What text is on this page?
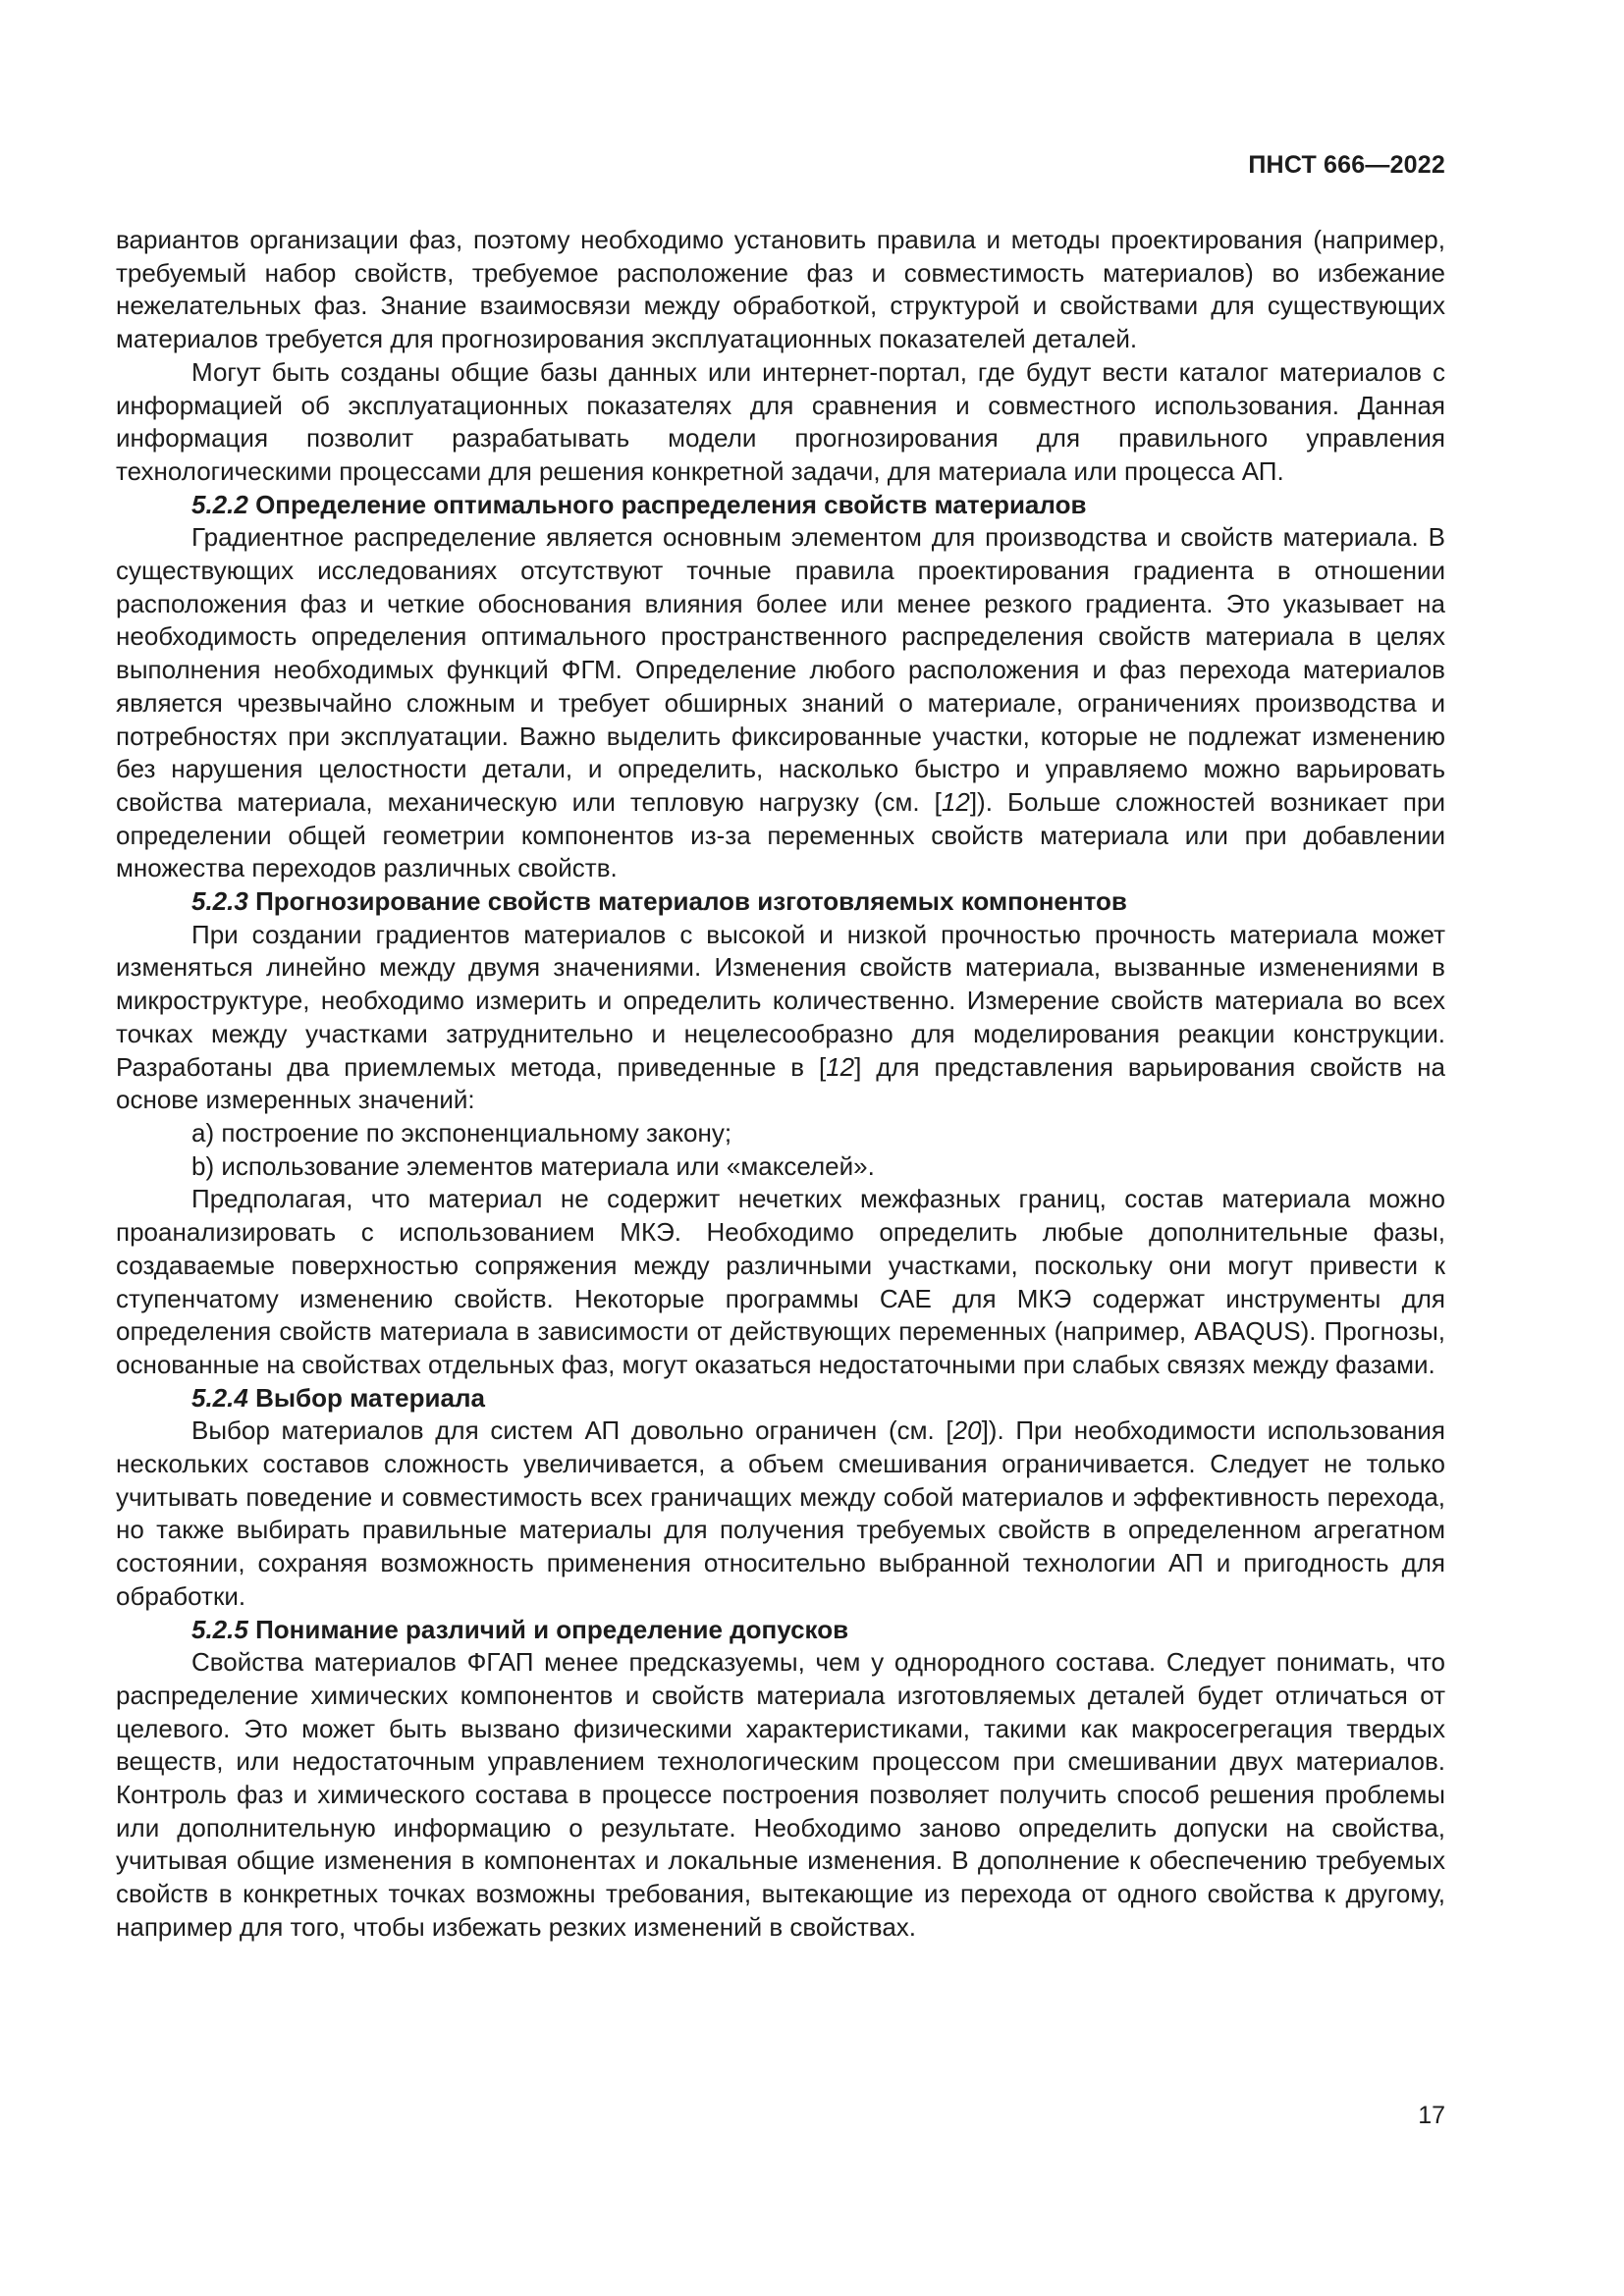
ПНСТ 666—2022

вариантов организации фаз, поэтому необходимо установить правила и методы проектирования (например, требуемый набор свойств, требуемое расположение фаз и совместимость материалов) во избежание нежелательных фаз. Знание взаимосвязи между обработкой, структурой и свойствами для существующих материалов требуется для прогнозирования эксплуатационных показателей деталей.

Могут быть созданы общие базы данных или интернет-портал, где будут вести каталог материалов с информацией об эксплуатационных показателях для сравнения и совместного использования. Данная информация позволит разрабатывать модели прогнозирования для правильного управления технологическими процессами для решения конкретной задачи, для материала или процесса АП.

5.2.2 Определение оптимального распределения свойств материалов

Градиентное распределение является основным элементом для производства и свойств материала. В существующих исследованиях отсутствуют точные правила проектирования градиента в отношении расположения фаз и четкие обоснования влияния более или менее резкого градиента. Это указывает на необходимость определения оптимального пространственного распределения свойств материала в целях выполнения необходимых функций ФГМ. Определение любого расположения и фаз перехода материалов является чрезвычайно сложным и требует обширных знаний о материале, ограничениях производства и потребностях при эксплуатации. Важно выделить фиксированные участки, которые не подлежат изменению без нарушения целостности детали, и определить, насколько быстро и управляемо можно варьировать свойства материала, механическую или тепловую нагрузку (см. [12]). Больше сложностей возникает при определении общей геометрии компонентов из-за переменных свойств материала или при добавлении множества переходов различных свойств.

5.2.3 Прогнозирование свойств материалов изготовляемых компонентов

При создании градиентов материалов с высокой и низкой прочностью прочность материала может изменяться линейно между двумя значениями. Изменения свойств материала, вызванные изменениями в микроструктуре, необходимо измерить и определить количественно. Измерение свойств материала во всех точках между участками затруднительно и нецелесообразно для моделирования реакции конструкции. Разработаны два приемлемых метода, приведенные в [12] для представления варьирования свойств на основе измеренных значений:

а) построение по экспоненциальному закону;

b) использование элементов материала или «макселей».

Предполагая, что материал не содержит нечетких межфазных границ, состав материала можно проанализировать с использованием МКЭ. Необходимо определить любые дополнительные фазы, создаваемые поверхностью сопряжения между различными участками, поскольку они могут привести к ступенчатому изменению свойств. Некоторые программы САЕ для МКЭ содержат инструменты для определения свойств материала в зависимости от действующих переменных (например, ABAQUS). Прогнозы, основанные на свойствах отдельных фаз, могут оказаться недостаточными при слабых связях между фазами.

5.2.4 Выбор материала

Выбор материалов для систем АП довольно ограничен (см. [20]). При необходимости использования нескольких составов сложность увеличивается, а объем смешивания ограничивается. Следует не только учитывать поведение и совместимость всех граничащих между собой материалов и эффективность перехода, но также выбирать правильные материалы для получения требуемых свойств в определенном агрегатном состоянии, сохраняя возможность применения относительно выбранной технологии АП и пригодность для обработки.

5.2.5 Понимание различий и определение допусков

Свойства материалов ФГАП менее предсказуемы, чем у однородного состава. Следует понимать, что распределение химических компонентов и свойств материала изготовляемых деталей будет отличаться от целевого. Это может быть вызвано физическими характеристиками, такими как макросегрегация твердых веществ, или недостаточным управлением технологическим процессом при смешивании двух материалов. Контроль фаз и химического состава в процессе построения позволяет получить способ решения проблемы или дополнительную информацию о результате. Необходимо заново определить допуски на свойства, учитывая общие изменения в компонентах и локальные изменения. В дополнение к обеспечению требуемых свойств в конкретных точках возможны требования, вытекающие из перехода от одного свойства к другому, например для того, чтобы избежать резких изменений в свойствах.

17
